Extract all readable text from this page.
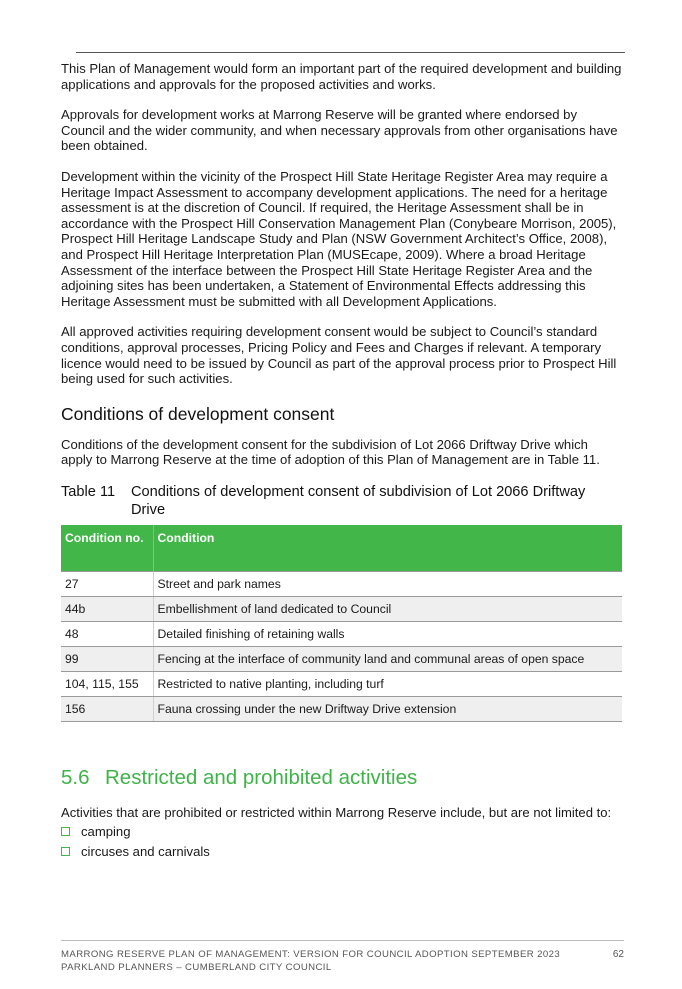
This Plan of Management would form an important part of the required development and building applications and approvals for the proposed activities and works.

Approvals for development works at Marrong Reserve will be granted where endorsed by Council and the wider community, and when necessary approvals from other organisations have been obtained.

Development within the vicinity of the Prospect Hill State Heritage Register Area may require a Heritage Impact Assessment to accompany development applications. The need for a heritage assessment is at the discretion of Council. If required, the Heritage Assessment shall be in accordance with the Prospect Hill Conservation Management Plan (Conybeare Morrison, 2005), Prospect Hill Heritage Landscape Study and Plan (NSW Government Architect’s Office, 2008), and Prospect Hill Heritage Interpretation Plan (MUSEcape, 2009). Where a broad Heritage Assessment of the interface between the Prospect Hill State Heritage Register Area and the adjoining sites has been undertaken, a Statement of Environmental Effects addressing this Heritage Assessment must be submitted with all Development Applications.

All approved activities requiring development consent would be subject to Council’s standard conditions, approval processes, Pricing Policy and Fees and Charges if relevant. A temporary licence would need to be issued by Council as part of the approval process prior to Prospect Hill being used for such activities.

Conditions of development consent

Conditions of the development consent for the subdivision of Lot 2066 Driftway Drive which apply to Marrong Reserve at the time of adoption of this Plan of Management are in Table 11.

Table 11	Conditions of development consent of subdivision of Lot 2066 Driftway Drive
Condition no.	Condition
27	Street and park names
44b	Embellishment of land dedicated to Council
48	Detailed finishing of retaining walls
99	Fencing at the interface of community land and communal areas of open space
104, 115, 155	Restricted to native planting, including turf
156	Fauna crossing under the new Driftway Drive extension
5.6 Restricted and prohibited activities

Activities that are prohibited or restricted within Marrong Reserve include, but are not limited to:

camping
circuses and carnivals
MARRONG RESERVE PLAN OF MANAGEMENT: VERSION FOR COUNCIL ADOPTION SEPTEMBER 2023
PARKLAND PLANNERS – CUMBERLAND CITY COUNCIL
62
